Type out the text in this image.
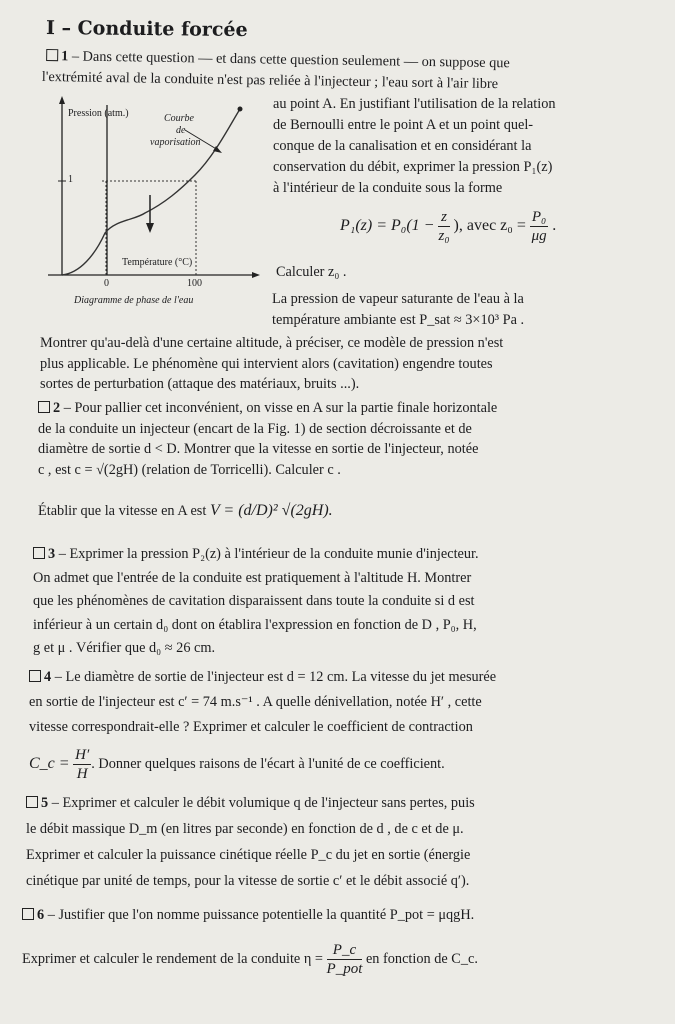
I – Conduite forcée
1 – Dans cette question — et dans cette question seulement — on suppose que
l'extrémité aval de la conduite n'est pas reliée à l'injecteur ; l'eau sort à l'air libre
Pression (atm.)	Courbe
de
vaporisation
1
Température (°C)
0	100
Diagramme de phase de l'eau
au point A. En justifiant l'utilisation de la relation
de Bernoulli entre le point A et un point quel-
conque de la canalisation et en considérant la
conservation du débit, exprimer la pression P₁(z)
à l'intérieur de la conduite sous la forme
$P_1(z) = P_0(1 - \frac{z}{\text{z₀}}$ ), avec $z_0 = \frac{\text{P₀}}{\mu g}$ .
Calculer z₀ .
La pression de vapeur saturante de l'eau à la
température ambiante est P_sat ≈ 3×10³ Pa .
Montrer qu'au-delà d'une certaine altitude, à préciser, ce modèle de pression n'est
plus applicable. Le phénomène qui intervient alors (cavitation) engendre toutes
sortes de perturbation (attaque des matériaux, bruits ...).
2 – Pour pallier cet inconvénient, on visse en A sur la partie finale horizontale
de la conduite un injecteur (encart de la Fig. 1) de section décroissante et de
diamètre de sortie d < D. Montrer que la vitesse en sortie de l'injecteur, notée
c , est c = √(2gH) (relation de Torricelli). Calculer c .
Établir que la vitesse en A est V = (d/D)² √(2gH).
3 – Exprimer la pression P₂(z) à l'intérieur de la conduite munie d'injecteur.
On admet que l'entrée de la conduite est pratiquement à l'altitude H. Montrer
que les phénomènes de cavitation disparaissent dans toute la conduite si d est
inférieur à un certain d₀ dont on établira l'expression en fonction de D , P₀, H,
g et μ . Vérifier que d₀ ≈ 26 cm.
4 – Le diamètre de sortie de l'injecteur est d = 12 cm. La vitesse du jet mesurée
en sortie de l'injecteur est c′ = 74 m.s⁻¹ . A quelle dénivellation, notée H′ , cette
vitesse correspondrait-elle ? Exprimer et calculer le coefficient de contraction
C_c = $\frac{H'}{H}$ . Donner quelques raisons de l'écart à l'unité de ce coefficient.
5 – Exprimer et calculer le débit volumique q de l'injecteur sans pertes, puis
le débit massique D_m (en litres par seconde) en fonction de d , de c et de μ.
Exprimer et calculer la puissance cinétique réelle P_c du jet en sortie (énergie
cinétique par unité de temps, pour la vitesse de sortie c′ et le débit associé q′).
6 – Justifier que l'on nomme puissance potentielle la quantité P_pot = μqgH.
Exprimer et calculer le rendement de la conduite $\eta = \frac{P\_c}{\text{P\_pot}}$ en fonction de C_c.
